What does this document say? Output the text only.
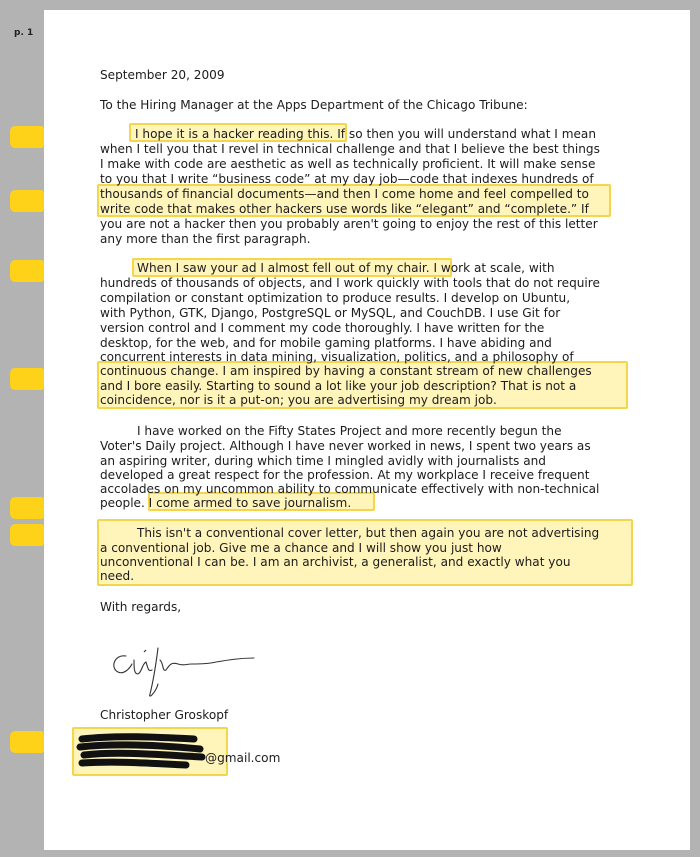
p. 1
September 20, 2009
To the Hiring Manager at the Apps Department of the Chicago Tribune:
I hope it is a hacker reading this. If so then you will understand what I mean
when I tell you that I revel in technical challenge and that I believe the best things
I make with code are aesthetic as well as technically proficient. It will make sense
to you that I write “business code” at my day job—code that indexes hundreds of
thousands of financial documents—and then I come home and feel compelled to
write code that makes other hackers use words like “elegant” and “complete.” If
you are not a hacker then you probably aren't going to enjoy the rest of this letter
any more than the first paragraph.
When I saw your ad I almost fell out of my chair. I work at scale, with
hundreds of thousands of objects, and I work quickly with tools that do not require
compilation or constant optimization to produce results. I develop on Ubuntu,
with Python, GTK, Django, PostgreSQL or MySQL, and CouchDB. I use Git for
version control and I comment my code thoroughly. I have written for the
desktop, for the web, and for mobile gaming platforms. I have abiding and
concurrent interests in data mining, visualization, politics, and a philosophy of
continuous change. I am inspired by having a constant stream of new challenges
and I bore easily. Starting to sound a lot like your job description? That is not a
coincidence, nor is it a put-on; you are advertising my dream job.
I have worked on the Fifty States Project and more recently begun the
Voter's Daily project. Although I have never worked in news, I spent two years as
an aspiring writer, during which time I mingled avidly with journalists and
developed a great respect for the profession. At my workplace I receive frequent
accolades on my uncommon ability to communicate effectively with non-technical
people. I come armed to save journalism.
This isn't a conventional cover letter, but then again you are not advertising
a conventional job. Give me a chance and I will show you just how
unconventional I can be. I am an archivist, a generalist, and exactly what you
need.
With regards,
Christopher Groskopf
@gmail.com
